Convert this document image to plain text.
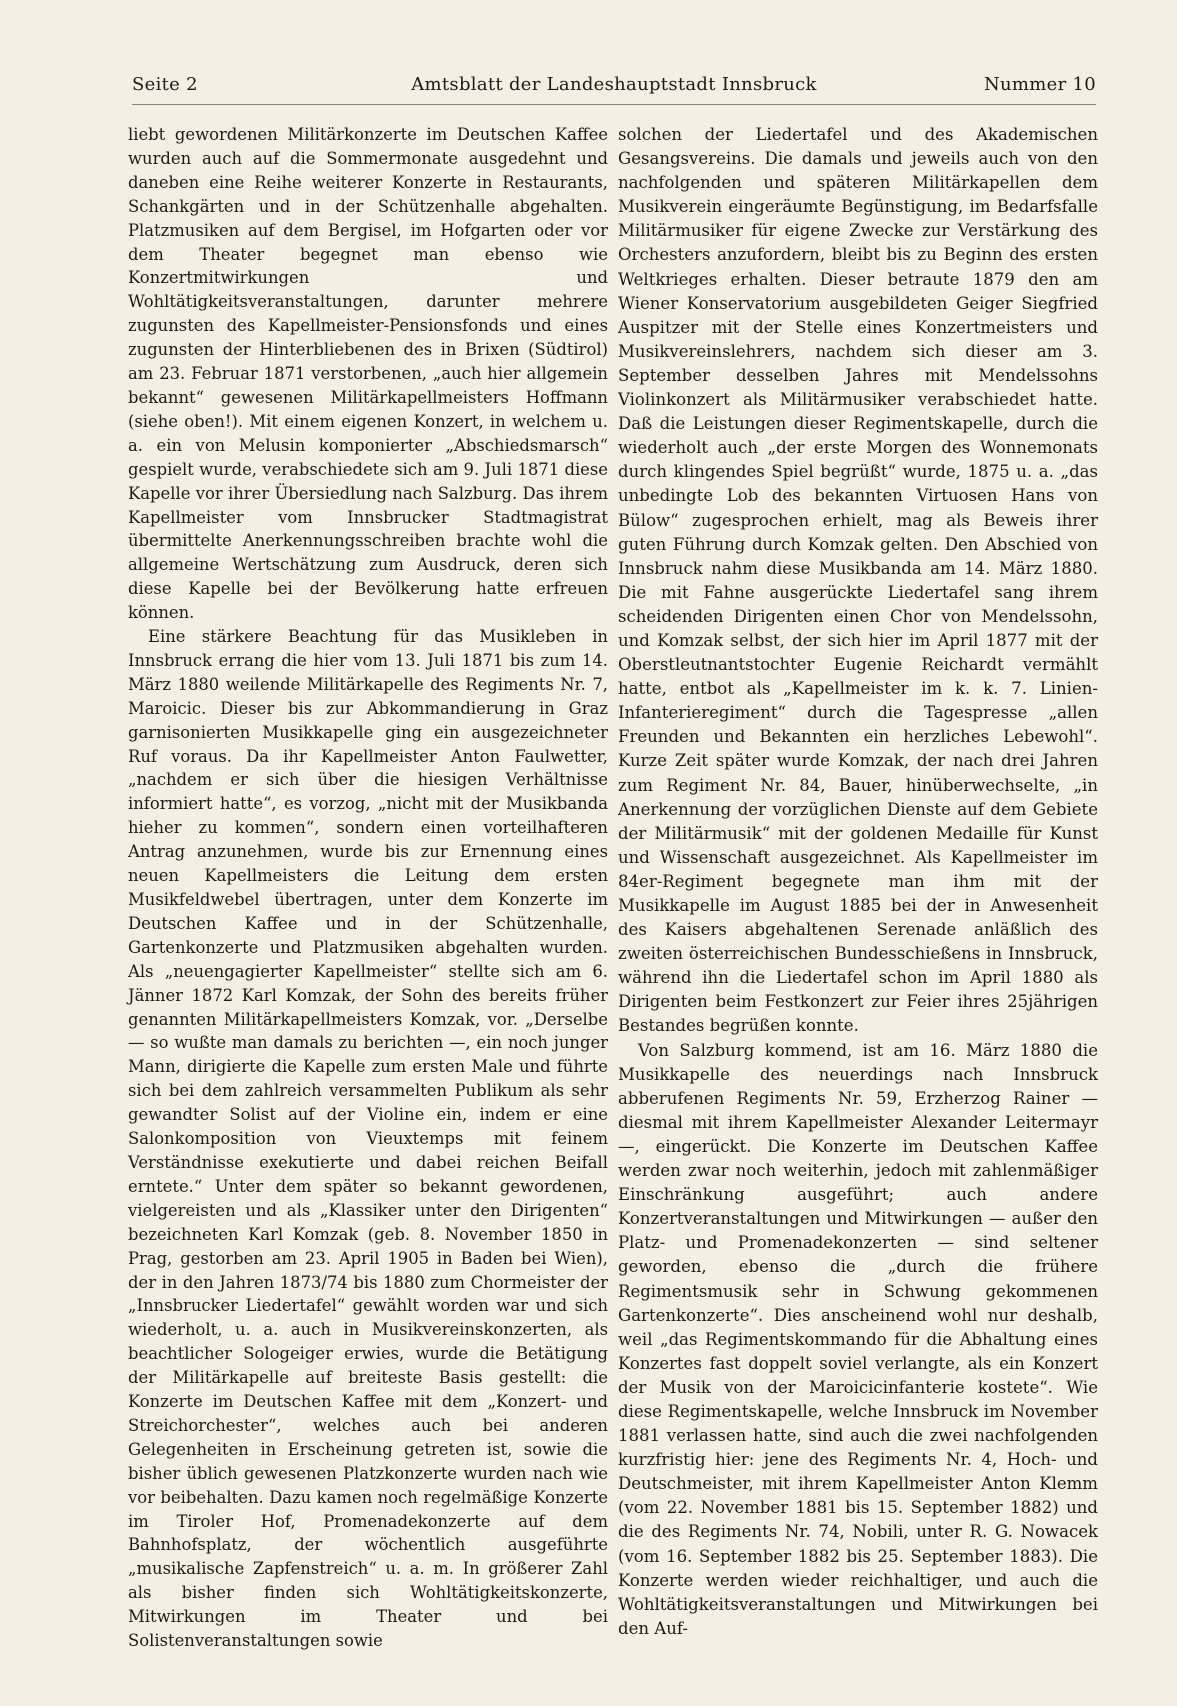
Seite 2	Amtsblatt der Landeshauptstadt Innsbruck	Nummer 10

liebt gewordenen Militärkonzerte im Deutschen Kaffee wurden auch auf die Sommermonate ausgedehnt und daneben eine Reihe weiterer Konzerte in Restaurants, Schankgärten und in der Schützenhalle abgehalten. Platzmusiken auf dem Bergisel, im Hofgarten oder vor dem Theater begegnet man ebenso wie Konzertmitwirkungen und Wohltätigkeitsveranstaltungen, darunter mehrere zugunsten des Kapellmeister-Pensionsfonds und eines zugunsten der Hinterbliebenen des in Brixen (Südtirol) am 23. Februar 1871 verstorbenen, „auch hier allgemein bekannt“ gewesenen Militärkapellmeisters Hoffmann (siehe oben!). Mit einem eigenen Konzert, in welchem u. a. ein von Melusin komponierter „Abschiedsmarsch“ gespielt wurde, verabschiedete sich am 9. Juli 1871 diese Kapelle vor ihrer Übersiedlung nach Salzburg. Das ihrem Kapellmeister vom Innsbrucker Stadtmagistrat übermittelte Anerkennungsschreiben brachte wohl die allgemeine Wertschätzung zum Ausdruck, deren sich diese Kapelle bei der Bevölkerung hatte erfreuen können.

Eine stärkere Beachtung für das Musikleben in Innsbruck errang die hier vom 13. Juli 1871 bis zum 14. März 1880 weilende Militärkapelle des Regiments Nr. 7, Maroicic. Dieser bis zur Abkommandierung in Graz garnisonierten Musikkapelle ging ein ausgezeichneter Ruf voraus. Da ihr Kapellmeister Anton Faulwetter, „nachdem er sich über die hiesigen Verhältnisse informiert hatte“, es vorzog, „nicht mit der Musikbanda hieher zu kommen“, sondern einen vorteilhafteren Antrag anzunehmen, wurde bis zur Ernennung eines neuen Kapellmeisters die Leitung dem ersten Musikfeldwebel übertragen, unter dem Konzerte im Deutschen Kaffee und in der Schützenhalle, Gartenkonzerte und Platzmusiken abgehalten wurden. Als „neuengagierter Kapellmeister“ stellte sich am 6. Jänner 1872 Karl Komzak, der Sohn des bereits früher genannten Militärkapellmeisters Komzak, vor. „Derselbe — so wußte man damals zu berichten —, ein noch junger Mann, dirigierte die Kapelle zum ersten Male und führte sich bei dem zahlreich versammelten Publikum als sehr gewandter Solist auf der Violine ein, indem er eine Salonkomposition von Vieuxtemps mit feinem Verständnisse exekutierte und dabei reichen Beifall erntete.“ Unter dem später so bekannt gewordenen, vielgereisten und als „Klassiker unter den Dirigenten“ bezeichneten Karl Komzak (geb. 8. November 1850 in Prag, gestorben am 23. April 1905 in Baden bei Wien), der in den Jahren 1873/74 bis 1880 zum Chormeister der „Innsbrucker Liedertafel“ gewählt worden war und sich wiederholt, u. a. auch in Musikvereinskonzerten, als beachtlicher Sologeiger erwies, wurde die Betätigung der Militärkapelle auf breiteste Basis gestellt: die Konzerte im Deutschen Kaffee mit dem „Konzert- und Streichorchester“, welches auch bei anderen Gelegenheiten in Erscheinung getreten ist, sowie die bisher üblich gewesenen Platzkonzerte wurden nach wie vor beibehalten. Dazu kamen noch regelmäßige Konzerte im Tiroler Hof, Promenadekonzerte auf dem Bahnhofsplatz, der wöchentlich ausgeführte „musikalische Zapfenstreich“ u. a. m. In größerer Zahl als bisher finden sich Wohltätigkeitskonzerte, Mitwirkungen im Theater und bei Solistenveranstaltungen sowie

solchen der Liedertafel und des Akademischen Gesangsvereins. Die damals und jeweils auch von den nachfolgenden und späteren Militärkapellen dem Musikverein eingeräumte Begünstigung, im Bedarfsfalle Militärmusiker für eigene Zwecke zur Verstärkung des Orchesters anzufordern, bleibt bis zu Beginn des ersten Weltkrieges erhalten. Dieser betraute 1879 den am Wiener Konservatorium ausgebildeten Geiger Siegfried Auspitzer mit der Stelle eines Konzertmeisters und Musikvereinslehrers, nachdem sich dieser am 3. September desselben Jahres mit Mendelssohns Violinkonzert als Militärmusiker verabschiedet hatte. Daß die Leistungen dieser Regimentskapelle, durch die wiederholt auch „der erste Morgen des Wonnemonats durch klingendes Spiel begrüßt“ wurde, 1875 u. a. „das unbedingte Lob des bekannten Virtuosen Hans von Bülow“ zugesprochen erhielt, mag als Beweis ihrer guten Führung durch Komzak gelten. Den Abschied von Innsbruck nahm diese Musikbanda am 14. März 1880. Die mit Fahne ausgerückte Liedertafel sang ihrem scheidenden Dirigenten einen Chor von Mendelssohn, und Komzak selbst, der sich hier im April 1877 mit der Oberstleutnantstochter Eugenie Reichardt vermählt hatte, entbot als „Kapellmeister im k. k. 7. Linien-Infanterieregiment“ durch die Tagespresse „allen Freunden und Bekannten ein herzliches Lebewohl“. Kurze Zeit später wurde Komzak, der nach drei Jahren zum Regiment Nr. 84, Bauer, hinüberwechselte, „in Anerkennung der vorzüglichen Dienste auf dem Gebiete der Militärmusik“ mit der goldenen Medaille für Kunst und Wissenschaft ausgezeichnet. Als Kapellmeister im 84er-Regiment begegnete man ihm mit der Musikkapelle im August 1885 bei der in Anwesenheit des Kaisers abgehaltenen Serenade anläßlich des zweiten österreichischen Bundesschießens in Innsbruck, während ihn die Liedertafel schon im April 1880 als Dirigenten beim Festkonzert zur Feier ihres 25jährigen Bestandes begrüßen konnte.

Von Salzburg kommend, ist am 16. März 1880 die Musikkapelle des neuerdings nach Innsbruck abberufenen Regiments Nr. 59, Erzherzog Rainer — diesmal mit ihrem Kapellmeister Alexander Leitermayr —, eingerückt. Die Konzerte im Deutschen Kaffee werden zwar noch weiterhin, jedoch mit zahlenmäßiger Einschränkung ausgeführt; auch andere Konzertveranstaltungen und Mitwirkungen — außer den Platz- und Promenadekonzerten — sind seltener geworden, ebenso die „durch die frühere Regimentsmusik sehr in Schwung gekommenen Gartenkonzerte“. Dies anscheinend wohl nur deshalb, weil „das Regimentskommando für die Abhaltung eines Konzertes fast doppelt soviel verlangte, als ein Konzert der Musik von der Maroicicinfanterie kostete“. Wie diese Regimentskapelle, welche Innsbruck im November 1881 verlassen hatte, sind auch die zwei nachfolgenden kurzfristig hier: jene des Regiments Nr. 4, Hoch- und Deutschmeister, mit ihrem Kapellmeister Anton Klemm (vom 22. November 1881 bis 15. September 1882) und die des Regiments Nr. 74, Nobili, unter R. G. Nowacek (vom 16. September 1882 bis 25. September 1883). Die Konzerte werden wieder reichhaltiger, und auch die Wohltätigkeitsveranstaltungen und Mitwirkungen bei den Auf-
